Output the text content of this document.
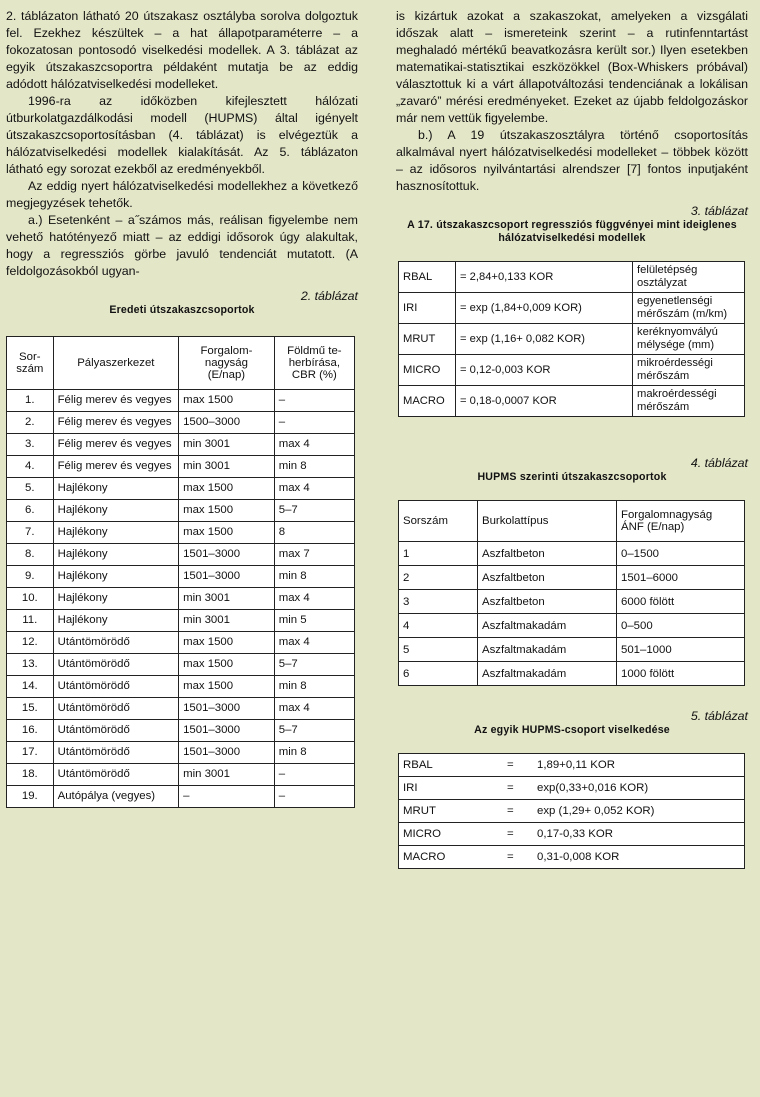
2. táblázaton látható 20 útszakasz osztályba sorolva dolgoztuk fel. Ezekhez készültek – a hat állapotparaméterre – a fokozatosan pontosodó viselkedési modellek. A 3. táblázat az egyik útszakaszcsoportra példaként mutatja be az eddig adódott hálózatviselkedési modelleket.

1996-ra az időközben kifejlesztett hálózati útburkolatgazdálkodási modell (HUPMS) által igényelt útszakaszcsoportosításban (4. táblázat) is elvégeztük a hálózatviselkedési modellek kialakítását. Az 5. táblázaton látható egy sorozat ezekből az eredményekből.

Az eddig nyert hálózatviselkedési modellekhez a következő megjegyzések tehetők.

a.) Esetenként – a˝számos más, reálisan figyelembe nem vehető hatótényező miatt – az eddigi idősorok úgy alakultak, hogy a regressziós görbe javuló tendenciát mutatott. (A feldolgozásokból ugyan-

2. táblázat
Eredeti útszakaszcsoportok
Sor-
szám	Pályaszerkezet	Forgalom-
nagyság
(E/nap)	Földmű te-
herbírása,
CBR (%)
1.	Félig merev és vegyes	max 1500	–
2.	Félig merev és vegyes	1500–3000	–
3.	Félig merev és vegyes	min 3001	max 4
4.	Félig merev és vegyes	min 3001	min 8
5.	Hajlékony	max 1500	max 4
6.	Hajlékony	max 1500	5–7
7.	Hajlékony	max 1500	8
8.	Hajlékony	1501–3000	max 7
9.	Hajlékony	1501–3000	min 8
10.	Hajlékony	min 3001	max 4
11.	Hajlékony	min 3001	min 5
12.	Utántömörödő	max 1500	max 4
13.	Utántömörödő	max 1500	5–7
14.	Utántömörödő	max 1500	min 8
15.	Utántömörödő	1501–3000	max 4
16.	Utántömörödő	1501–3000	5–7
17.	Utántömörödő	1501–3000	min 8
18.	Utántömörödő	min 3001	–
19.	Autópálya (vegyes)	–	–

is kizártuk azokat a szakaszokat, amelyeken a vizsgálati időszak alatt – ismereteink szerint – a rutinfenntartást meghaladó mértékű beavatkozásra került sor.) Ilyen esetekben matematikai-statisztikai eszközökkel (Box-Whiskers próbával) választottuk ki a várt állapotváltozási tendenciának a lokálisan „zavaró” mérési eredményeket. Ezeket az újabb feldolgozáskor már nem vettük figyelembe.

b.) A 19 útszakaszosztályra történő csoportosítás alkalmával nyert hálózatviselkedési modelleket – többek között – az idősoros nyilvántartási alrendszer [7] fontos inputjaként hasznosítottuk.

3. táblázat
A 17. útszakaszcsoport regressziós függvényei mint ideiglenes hálózatviselkedési modellek
RBAL	= 2,84+0,133 KOR	felületépség osztályzat
IRI	= exp (1,84+0,009 KOR)	egyenetlenségi mérőszám (m/km)
MRUT	= exp (1,16+ 0,082 KOR)	keréknyomvályú mélysége (mm)
MICRO	= 0,12-0,003 KOR	mikroérdességi mérőszám
MACRO	= 0,18-0,0007 KOR	makroérdességi mérőszám
4. táblázat
HUPMS szerinti útszakaszcsoportok
Sorszám	Burkolattípus	Forgalomnagyság
ÁNF (E/nap)
1	Aszfaltbeton	0–1500
2	Aszfaltbeton	1501–6000
3	Aszfaltbeton	6000 fölött
4	Aszfaltmakadám	0–500
5	Aszfaltmakadám	501–1000
6	Aszfaltmakadám	1000 fölött
5. táblázat
Az egyik HUPMS-csoport viselkedése
RBAL	=	1,89+0,11 KOR
IRI	=	exp(0,33+0,016 KOR)
MRUT	=	exp (1,29+ 0,052 KOR)
MICRO	=	0,17-0,33 KOR
MACRO	=	0,31-0,008 KOR
